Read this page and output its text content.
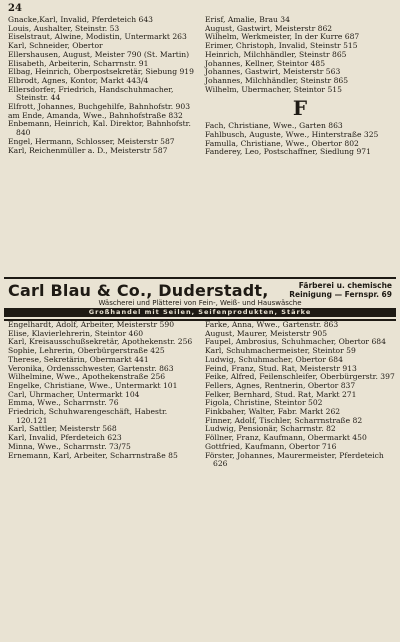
24

Gnacke,Karl, Invalid, Pferdeteich 643

Louis, Aushalter, Steinstr. 53

Eiselstraut, Alwine, Modistin, Untermarkt 263

Karl, Schneider, Obertor

Ellershausen, August, Meister 790 (St. Martin)

Elisabeth, Arbeiterin, Scharrnstr. 91

Elbag, Heinrich, Oberpostsekretär, Siebung 919

Elbrodt, Agnes, Kontor, Markt 443/4

Ellersdorfer, Friedrich, Handschuhmacher, Steinstr. 44

Elfrott, Johannes, Buchgehilfe, Bahnhofstr. 903

am Ende, Amanda, Wwe., Bahnhofstraße 832

Enbemann, Heinrich, Kal. Direktor, Bahnhofstr. 840

Engel, Hermann, Schlosser, Meisterstr 587

Karl, Reichenmüller a. D., Meisterstr 587

Erisf, Amalie, Brau 34

August, Gastwirt, Meisterstr 862

Wilhelm, Werkmeister, In der Kurre 687

Erimer, Christoph, Invalid, Steinstr 515

Heinrich, Milchhändler, Steinstr 865

Johannes, Kellner, Steintor 485

Johannes, Gastwirt, Meisterstr 563

Johannes, Milchhändler, Steinstr 865

Wilhelm, Ubermacher, Steintor 515

F

Fach, Christiane, Wwe., Garten 863

Fahlbusch, Auguste, Wwe., Hinterstraße 325

Famulla, Christiane, Wwe., Obertor 802

Fanderey, Leo, Postschaffner, Siedlung 971

Carl Blau & Co., Duderstadt,	Färberei u. chemische
Reinigung — Fernspr. 69
Wäscherei und Plätterei von Fein-, Weiß- und Hauswäsche
Großhandel mit Seilen, Seifenprodukten, Stärke

Engelhardt, Adolf, Arbeiter, Meisterstr 590

Elise, Klavierlehrerin, Steintor 460

Karl, Kreisausschußsekretär, Apothekenstr. 256

Sophie, Lehrerin, Oberbürgerstraße 425

Therese, Sekretärin, Obermarkt 441

Veronika, Ordensschwester, Gartenstr. 863

Wilhelmine, Wwe., Apothekenstraße 256

Engelke, Christiane, Wwe., Untermarkt 101

Carl, Uhrmacher, Untermarkt 104

Emma, Wwe., Scharrnstr. 76

Friedrich, Schuhwarengeschäft, Habestr. 120.121

Karl, Sattler, Meisterstr 568

Karl, Invalid, Pferdeteich 623

Minna, Wwe., Scharrnstr. 73/75

Ernemann, Karl, Arbeiter, Scharrnstraße 85

Farke, Anna, Wwe., Gartenstr. 863

August, Maurer, Meisterstr 905

Faupel, Ambrosius, Schuhmacher, Obertor 684

Karl, Schuhmachermeister, Steintor 59

Ludwig, Schuhmacher, Obertor 684

Feind, Franz, Stud. Rat, Meisterstr 913

Feike, Alfred, Feilenschleifer, Oberbürgerstr. 397

Fellers, Agnes, Rentnerin, Obertor 837

Felker, Bernhard, Stud. Rat, Markt 271

Figola, Christine, Steintor 502

Finkbaher, Walter, Fabr. Markt 262

Finner, Adolf, Tischler, Scharrnstraße 82

Ludwig, Pensionär, Scharrnstr. 82

Föllner, Franz, Kaufmann, Obermarkt 450

Gottfried, Kaufmann, Obertor 716

Förster, Johannes, Maurermeister, Pferdeteich 626
